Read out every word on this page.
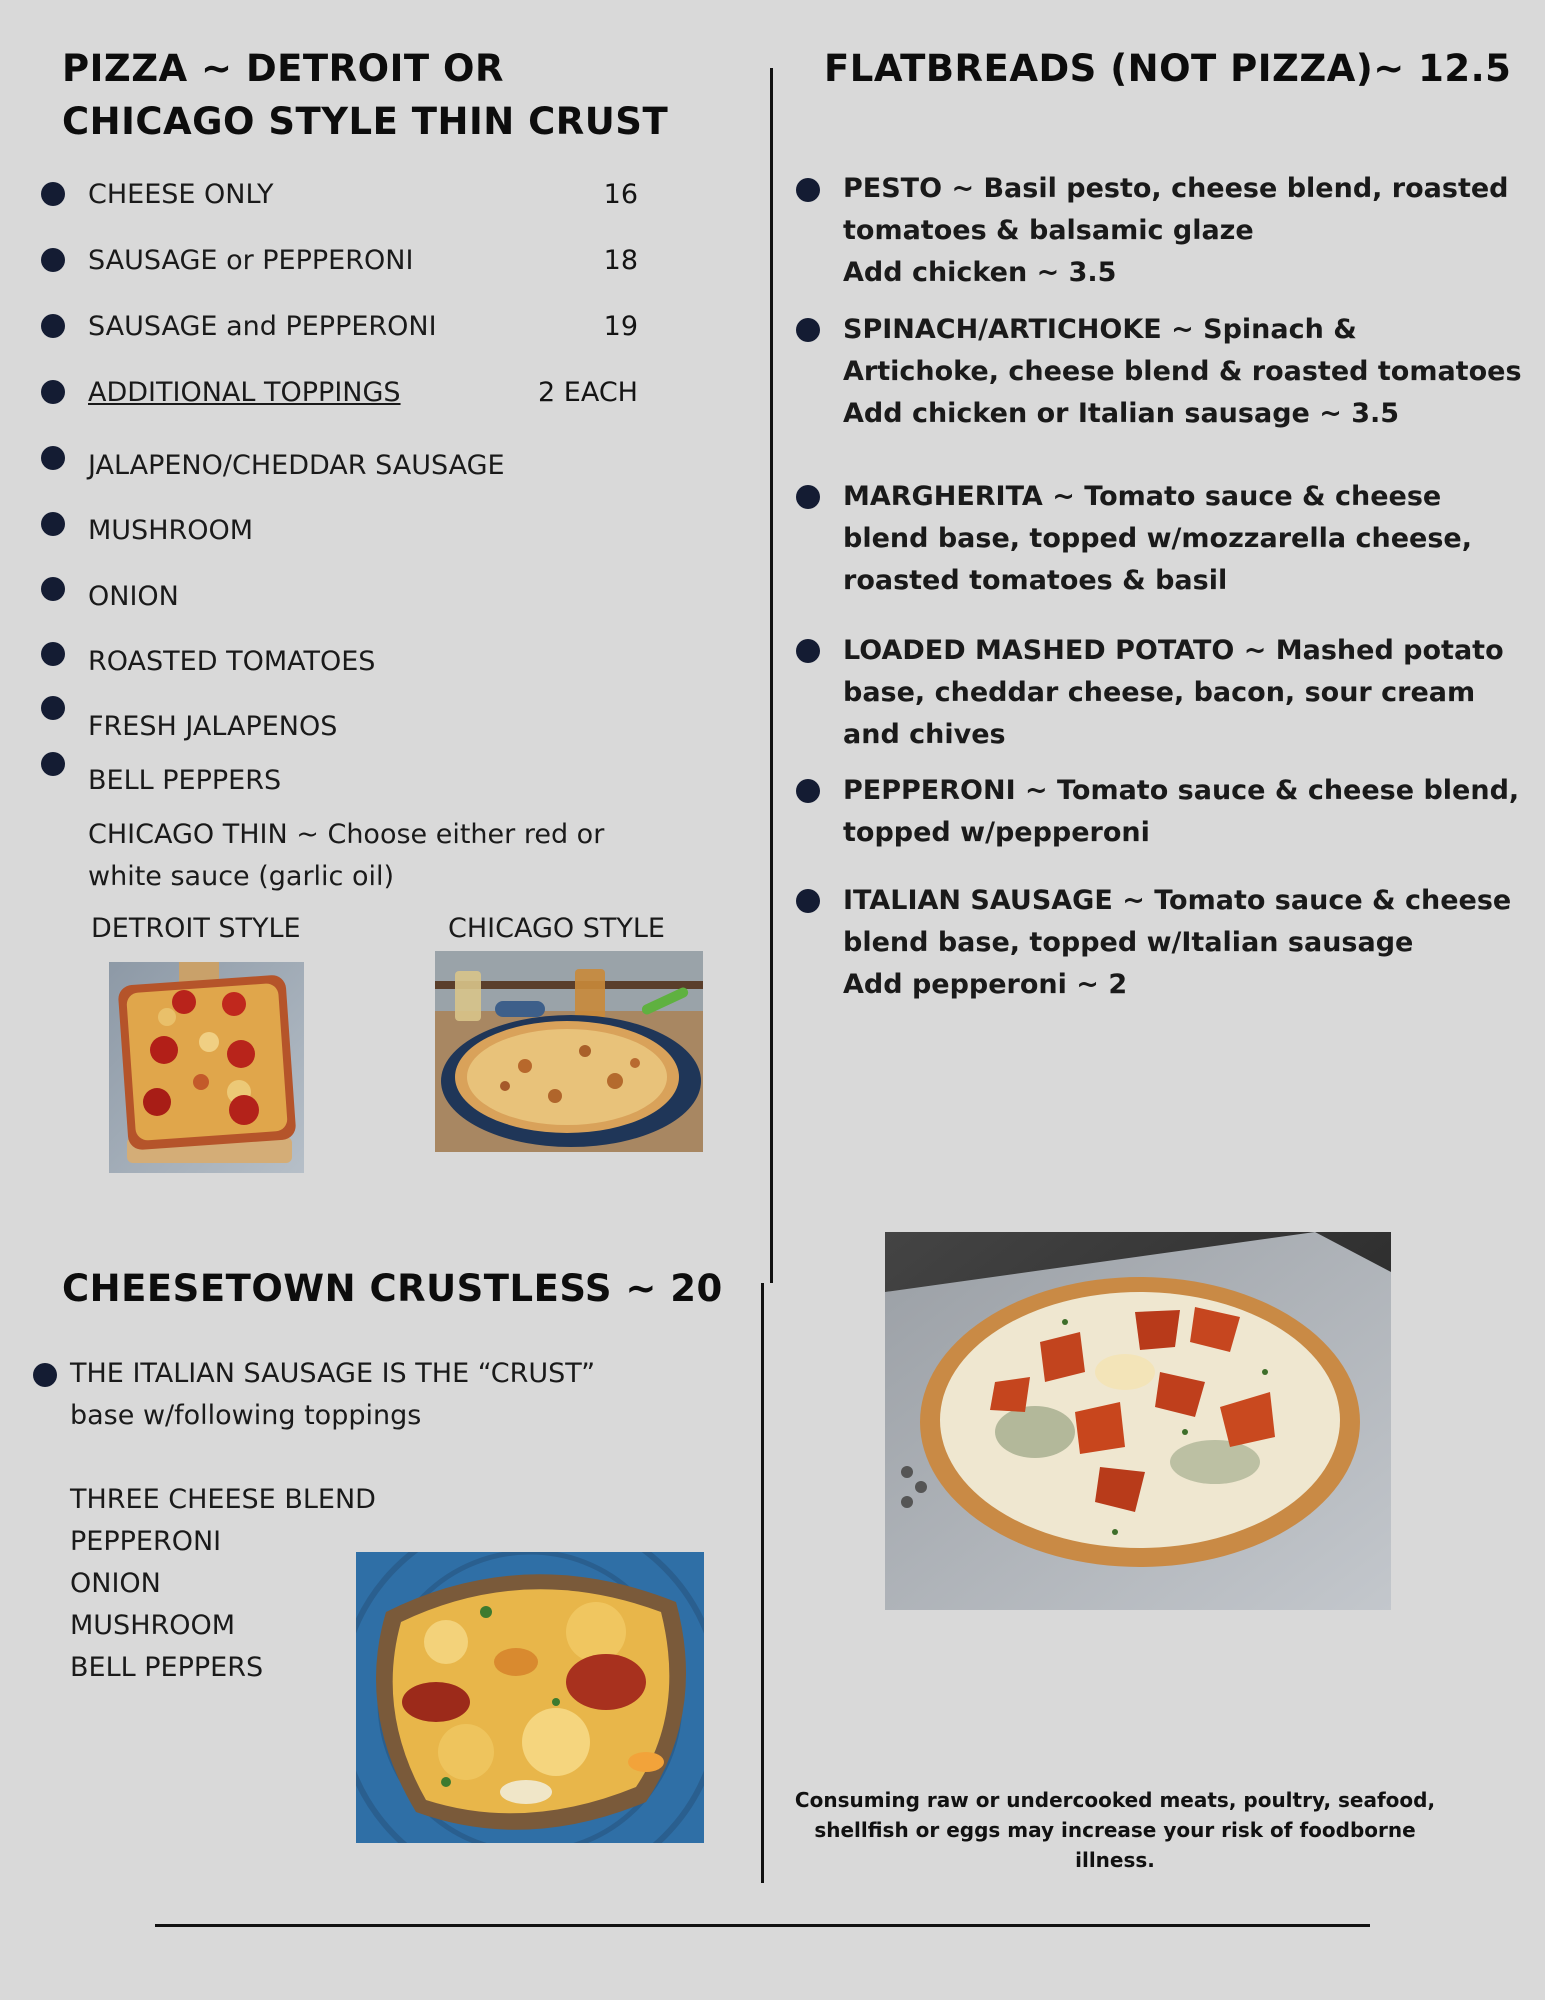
PIZZA ~ DETROIT OR
CHICAGO STYLE THIN CRUST
CHEESE ONLY	16
SAUSAGE or PEPPERONI	18
SAUSAGE and PEPPERONI	19
ADDITIONAL TOPPINGS	2 EACH
JALAPENO/CHEDDAR SAUSAGE
MUSHROOM
ONION
ROASTED TOMATOES
FRESH JALAPENOS
BELL PEPPERS
CHICAGO THIN ~ Choose either red or
white sauce (garlic oil)
DETROIT STYLE	CHICAGO STYLE
CHEESETOWN CRUSTLESS ~ 20
THE ITALIAN SAUSAGE IS THE “CRUST”
base w/following toppings
THREE CHEESE BLEND
PEPPERONI
ONION
MUSHROOM
BELL PEPPERS
FLATBREADS (NOT PIZZA)~ 12.5
PESTO ~ Basil pesto, cheese blend, roasted
tomatoes & balsamic glaze
Add chicken ~ 3.5
SPINACH/ARTICHOKE ~ Spinach &
Artichoke, cheese blend & roasted tomatoes
Add chicken or Italian sausage ~ 3.5
MARGHERITA ~ Tomato sauce & cheese
blend base, topped w/mozzarella cheese,
roasted tomatoes & basil
LOADED MASHED POTATO ~ Mashed potato
base, cheddar cheese, bacon, sour cream
and chives
PEPPERONI ~ Tomato sauce & cheese blend,
topped w/pepperoni
ITALIAN SAUSAGE ~ Tomato sauce & cheese
blend base, topped w/Italian sausage
Add pepperoni ~ 2
Consuming raw or undercooked meats, poultry, seafood,
shellfish or eggs may increase your risk of foodborne illness.
